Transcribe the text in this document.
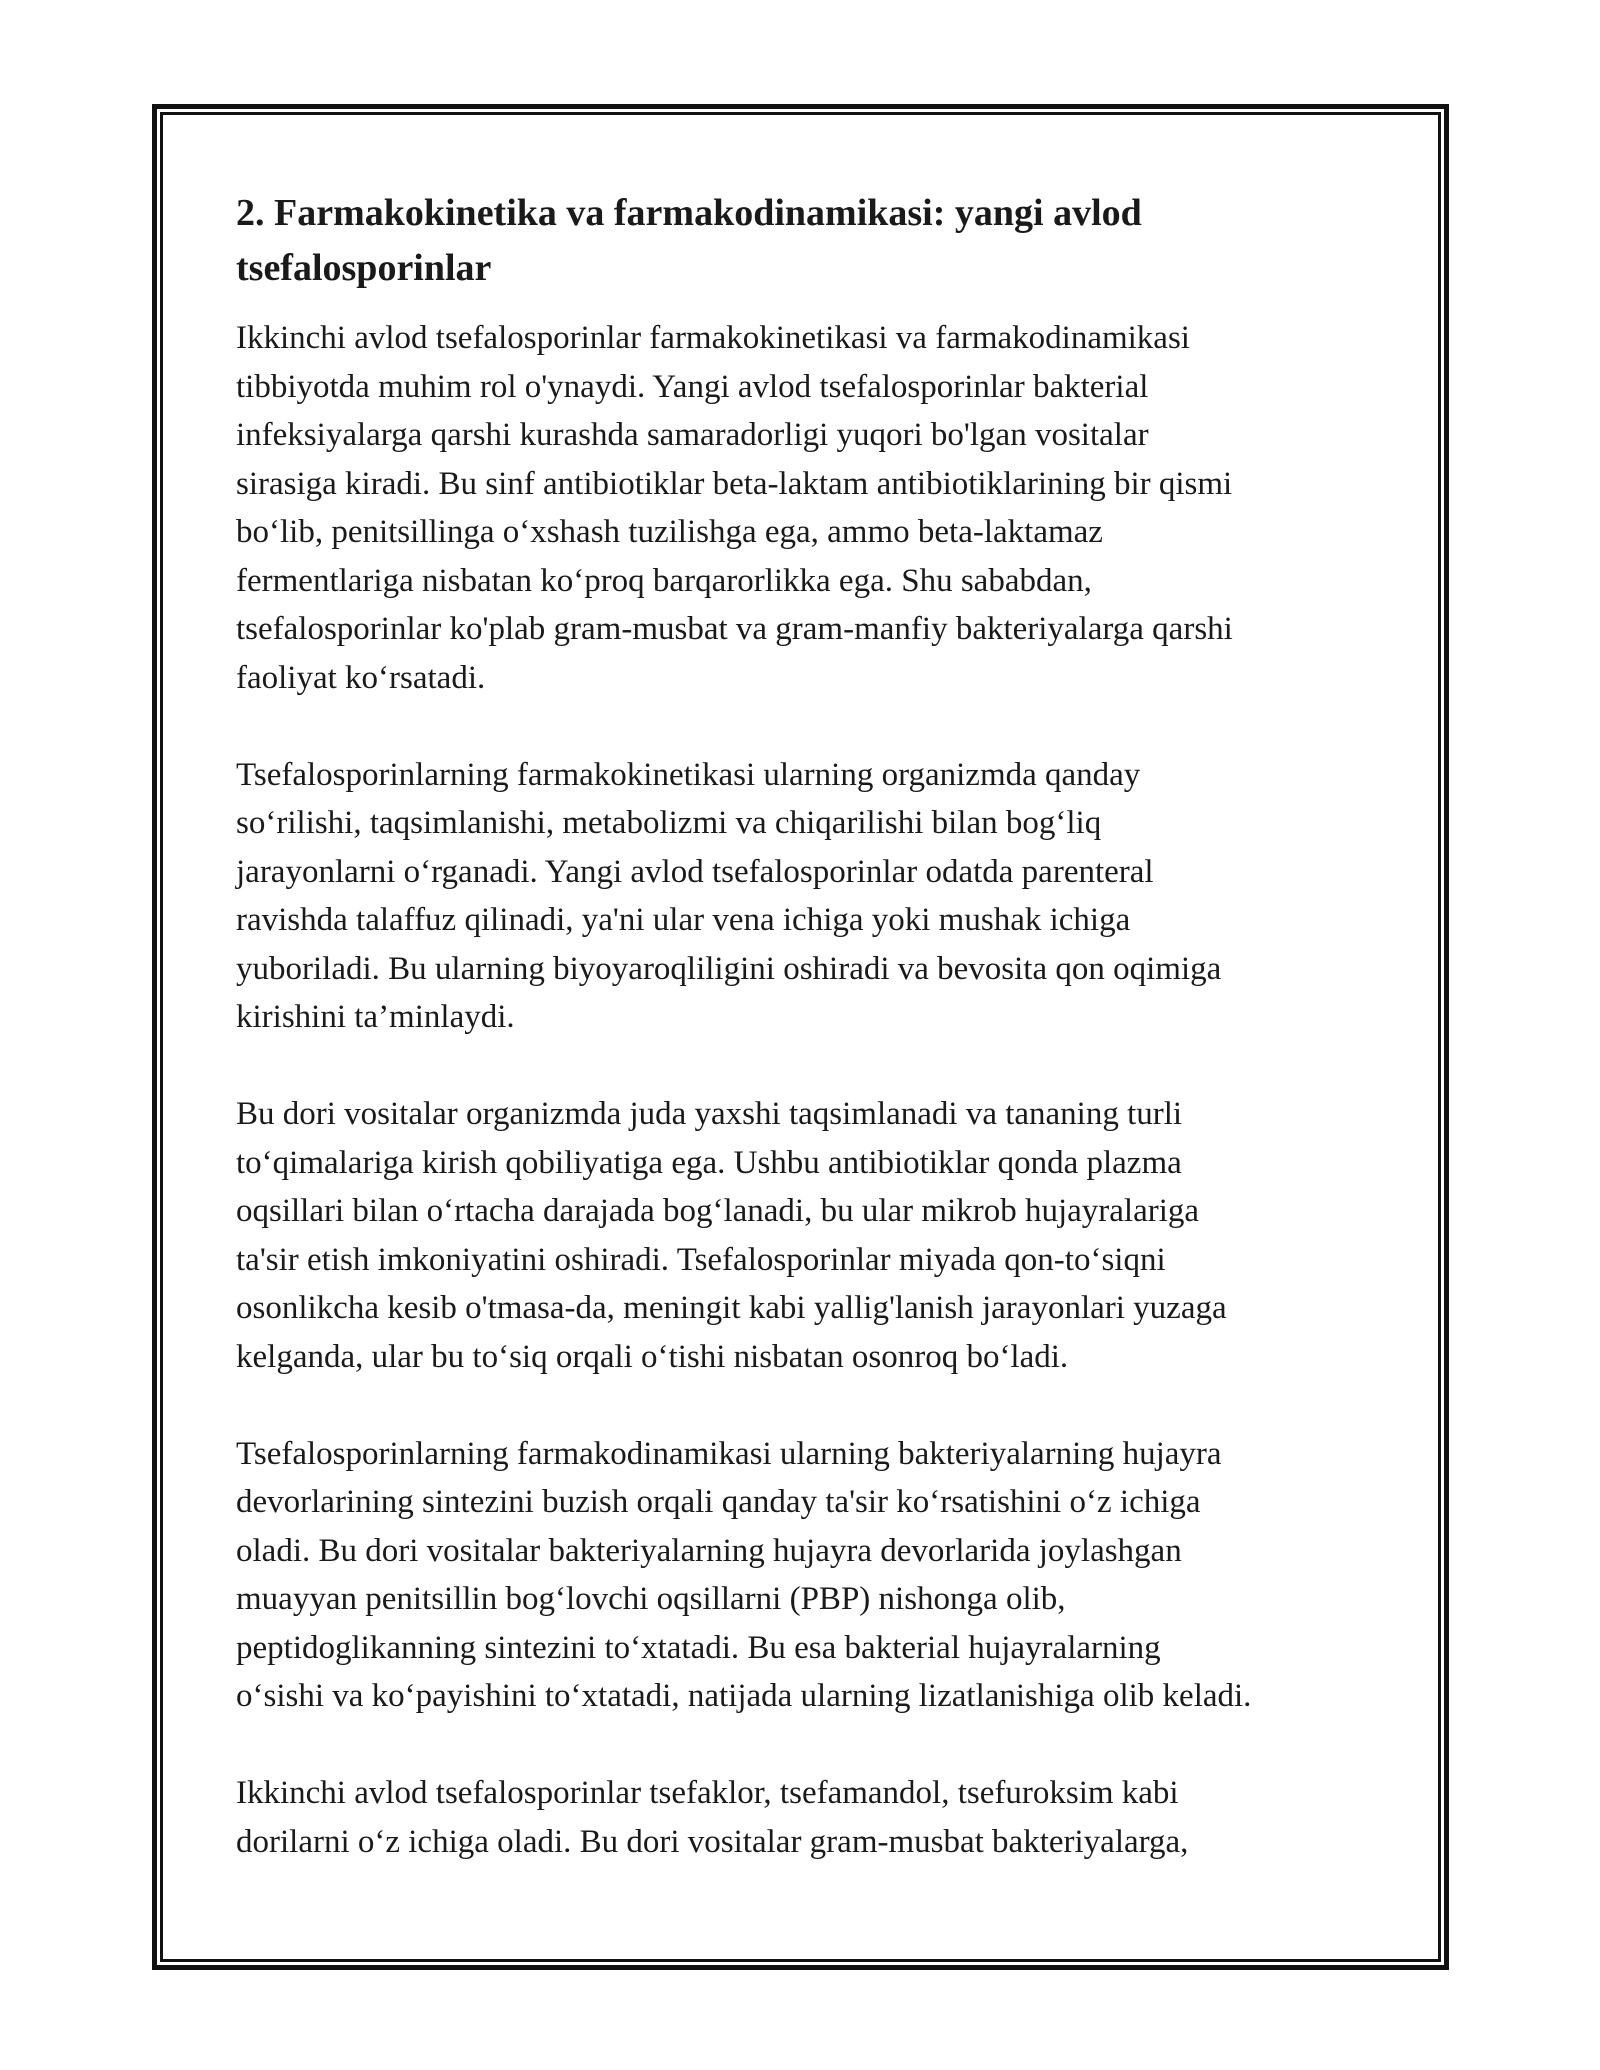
2. Farmakokinetika va farmakodinamikasi: yangi avlod
tsefalosporinlar

Ikkinchi avlod tsefalosporinlar farmakokinetikasi va farmakodinamikasi
tibbiyotda muhim rol o'ynaydi. Yangi avlod tsefalosporinlar bakterial
infeksiyalarga qarshi kurashda samaradorligi yuqori bo'lgan vositalar
sirasiga kiradi. Bu sinf antibiotiklar beta-laktam antibiotiklarining bir qismi
bo‘lib, penitsillinga o‘xshash tuzilishga ega, ammo beta-laktamaz
fermentlariga nisbatan ko‘proq barqarorlikka ega. Shu sababdan,
tsefalosporinlar ko'plab gram-musbat va gram-manfiy bakteriyalarga qarshi
faoliyat ko‘rsatadi.

Tsefalosporinlarning farmakokinetikasi ularning organizmda qanday
so‘rilishi, taqsimlanishi, metabolizmi va chiqarilishi bilan bog‘liq
jarayonlarni o‘rganadi. Yangi avlod tsefalosporinlar odatda parenteral
ravishda talaffuz qilinadi, ya'ni ular vena ichiga yoki mushak ichiga
yuboriladi. Bu ularning biyoyaroqliligini oshiradi va bevosita qon oqimiga
kirishini ta’minlaydi.

Bu dori vositalar organizmda juda yaxshi taqsimlanadi va tananing turli
to‘qimalariga kirish qobiliyatiga ega. Ushbu antibiotiklar qonda plazma
oqsillari bilan o‘rtacha darajada bog‘lanadi, bu ular mikrob hujayralariga
ta'sir etish imkoniyatini oshiradi. Tsefalosporinlar miyada qon-to‘siqni
osonlikcha kesib o'tmasa-da, meningit kabi yallig'lanish jarayonlari yuzaga
kelganda, ular bu to‘siq orqali o‘tishi nisbatan osonroq bo‘ladi.

Tsefalosporinlarning farmakodinamikasi ularning bakteriyalarning hujayra
devorlarining sintezini buzish orqali qanday ta'sir ko‘rsatishini o‘z ichiga
oladi. Bu dori vositalar bakteriyalarning hujayra devorlarida joylashgan
muayyan penitsillin bog‘lovchi oqsillarni (PBP) nishonga olib,
peptidoglikanning sintezini to‘xtatadi. Bu esa bakterial hujayralarning
o‘sishi va ko‘payishini to‘xtatadi, natijada ularning lizatlanishiga olib keladi.

Ikkinchi avlod tsefalosporinlar tsefaklor, tsefamandol, tsefuroksim kabi
dorilarni o‘z ichiga oladi. Bu dori vositalar gram-musbat bakteriyalarga,
